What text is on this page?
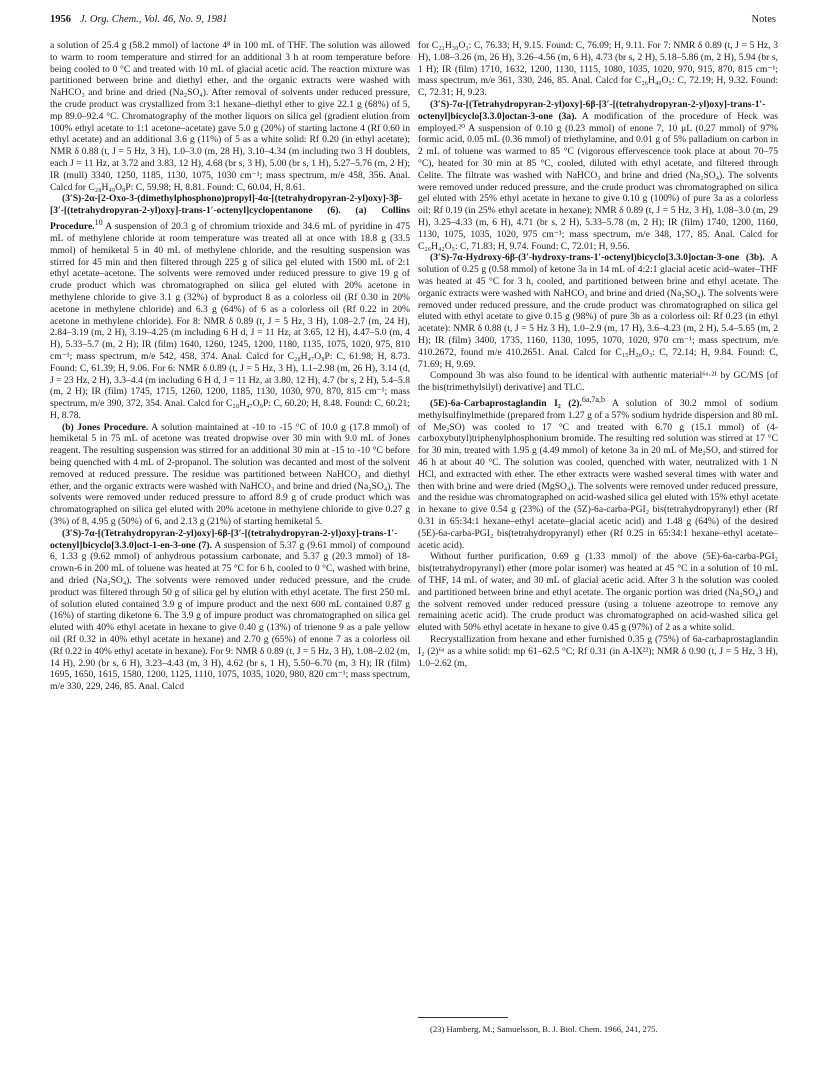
1956 J. Org. Chem., Vol. 46, No. 9, 1981	Notes

a solution of 25.4 g (58.2 mmol) of lactone 4⁸ in 100 mL of THF. The solution was allowed to warm to room temperature and stirred for an additional 3 h at room temperature before being cooled to 0 °C and treated with 10 mL of glacial acetic acid. The reaction mixture was partitioned between brine and diethyl ether, and the organic extracts were washed with NaHCO₃ and brine and dried (Na₂SO₄). After removal of solvents under reduced pressure, the crude product was crystallized from 3:1 hexane–diethyl ether to give 22.1 g (68%) of 5, mp 89.0–92.4 °C. Chromatography of the mother liquors on silica gel (gradient elution from 100% ethyl acetate to 1:1 acetone–acetate) gave 5.0 g (20%) of starting lactone 4 (Rf 0.60 in ethyl acetate) and an additional 3.6 g (11%) of 5 as a white solid: Rf 0.20 (in ethyl acetate); NMR δ 0.88 (t, J = 5 Hz, 3 H), 1.0–3.0 (m, 28 H), 3.10–4.34 (m including two 3 H doublets, each J = 11 Hz, at 3.72 and 3.83, 12 H), 4.68 (br s, 3 H), 5.00 (br s, 1 H), 5.27–5.76 (m, 2 H); IR (mull) 3340, 1250, 1185, 1130, 1075, 1030 cm⁻¹; mass spectrum, m/e 458, 356. Anal. Calcd for C₂₈H₄₉O₉P: C, 59.98; H, 8.81. Found: C, 60.04, H, 8.61.

(3′S)-2α-[2-Oxo-3-(dimethylphosphono)propyl]-4α-[(tetrahydropyran-2-yl)oxy]-3β-[3′-[(tetrahydropyran-2-yl)oxy]-trans-1′-octenyl]cyclopentanone (6). (a) Collins Procedure.$^{10}$ A suspension of 20.3 g of chromium trioxide and 34.6 mL of pyridine in 475 mL of methylene chloride at room temperature was treated all at once with 18.8 g (33.5 mmol) of hemiketal 5 in 40 mL of methylene chloride, and the resulting suspension was stirred for 45 min and then filtered through 225 g of silica gel eluted with 1500 mL of 2:1 ethyl acetate–acetone. The solvents were removed under reduced pressure to give 19 g of crude product which was chromatographed on silica gel eluted with 20% acetone in methylene chloride to give 3.1 g (32%) of byproduct 8 as a colorless oil (Rf 0.30 in 20% acetone in methylene chloride) and 6.3 g (64%) of 6 as a colorless oil (Rf 0.22 in 20% acetone in methylene chloride). For 8: NMR δ 0.89 (t, J = 5 Hz, 3 H), 1.08–2.7 (m, 24 H), 2.84–3.19 (m, 2 H), 3.19–4.25 (m including 6 H d, J = 11 Hz, at 3.65, 12 H), 4.47–5.0 (m, 4 H), 5.33–5.7 (m, 2 H); IR (film) 1640, 1260, 1245, 1200, 1180, 1135, 1075, 1020, 975, 810 cm⁻¹; mass spectrum, m/e 542, 458, 374. Anal. Calcd for C₂₈H₄₇O₈P: C, 61.98; H, 8.73. Found: C, 61.39; H, 9.06. For 6: NMR δ 0.89 (t, J = 5 Hz, 3 H), 1.1–2.98 (m, 26 H), 3.14 (d, J = 23 Hz, 2 H), 3.3–4.4 (m including 6 H d, J = 11 Hz, at 3.80, 12 H), 4.7 (br s, 2 H), 5.4–5.8 (m, 2 H); IR (film) 1745, 1715, 1260, 1200, 1185, 1130, 1030, 970, 870, 815 cm⁻¹; mass spectrum, m/e 390, 372, 354. Anal. Calcd for C₂₈H₄₇O₉P: C, 60.20; H, 8.48. Found: C, 60.21; H, 8.78.

(b) Jones Procedure. A solution maintained at -10 to -15 °C of 10.0 g (17.8 mmol) of hemiketal 5 in 75 mL of acetone was treated dropwise over 30 min with 9.0 mL of Jones reagent. The resulting suspension was stirred for an additional 30 min at -15 to -10 °C before being quenched with 4 mL of 2-propanol. The solution was decanted and most of the solvent removed at reduced pressure. The residue was partitioned between NaHCO₃ and diethyl ether, and the organic extracts were washed with NaHCO₃ and brine and dried (Na₂SO₄). The solvents were removed under reduced pressure to afford 8.9 g of crude product which was chromatographed on silica gel eluted with 20% acetone in methylene chloride to give 0.27 g (3%) of 8, 4.95 g (50%) of 6, and 2.13 g (21%) of starting hemiketal 5.

(3′S)-7α-[(Tetrahydropyran-2-yl)oxy]-6β-[3′-[(tetrahydropyran-2-yl)oxy]-trans-1′-octenyl]bicyclo[3.3.0]oct-1-en-3-one (7). A suspension of 5.37 g (9.61 mmol) of compound 6, 1.33 g (9.62 mmol) of anhydrous potassium carbonate, and 5.37 g (20.3 mmol) of 18-crown-6 in 200 mL of toluene was heated at 75 °C for 6 h, cooled to 0 °C, washed with brine, and dried (Na₂SO₄). The solvents were removed under reduced pressure, and the crude product was filtered through 50 g of silica gel by elution with ethyl acetate. The first 250 mL of solution eluted contained 3.9 g of impure product and the next 600 mL contained 0.87 g (16%) of starting diketone 6. The 3.9 g of impure product was chromatographed on silica gel eluted with 40% ethyl acetate in hexane to give 0.40 g (13%) of trienone 9 as a pale yellow oil (Rf 0.32 in 40% ethyl acetate in hexane) and 2.70 g (65%) of enone 7 as a colorless oil (Rf 0.22 in 40% ethyl acetate in hexane). For 9: NMR δ 0.89 (t, J = 5 Hz, 3 H), 1.08–2.02 (m, 14 H), 2.90 (br s, 6 H), 3.23–4.43 (m, 3 H), 4.62 (br s, 1 H), 5.50–6.70 (m, 3 H); IR (film) 1695, 1650, 1615, 1580, 1200, 1125, 1110, 1075, 1035, 1020, 980, 820 cm⁻¹; mass spectrum, m/e 330, 229, 246, 85. Anal. Calcd

for C₂₁H₃₀O₃: C, 76.33; H, 9.15. Found: C, 76.09; H, 9.11. For 7: NMR δ 0.89 (t, J = 5 Hz, 3 H), 1.08–3.26 (m, 26 H), 3.26–4.56 (m, 6 H), 4.73 (br s, 2 H), 5.18–5.86 (m, 2 H), 5.94 (br s, 1 H); IR (film) 1710, 1632, 1200, 1130, 1115, 1080, 1035, 1020, 970, 915, 870, 815 cm⁻¹; mass spectrum, m/e 361, 330, 246, 85. Anal. Calcd for C₂₆H₄₀O₅: C, 72.19; H, 9.32. Found: C, 72.31; H, 9.23.

(3′S)-7α-[(Tetrahydropyran-2-yl)oxy]-6β-[3′-[(tetrahydropyran-2-yl)oxy]-trans-1′-octenyl]bicyclo[3.3.0]octan-3-one (3a). A modification of the procedure of Heck was employed.²⁰ A suspension of 0.10 g (0.23 mmol) of enone 7, 10 μL (0.27 mmol) of 97% formic acid, 0.05 mL (0.36 mmol) of triethylamine, and 0.01 g of 5% palladium on carbon in 2 mL of toluene was warmed to 85 °C (vigorous effervescence took place at about 70–75 °C), heated for 30 min at 85 °C, cooled, diluted with ethyl acetate, and filtered through Celite. The filtrate was washed with NaHCO₃ and brine and dried (Na₂SO₄). The solvents were removed under reduced pressure, and the crude product was chromatographed on silica gel eluted with 25% ethyl acetate in hexane to give 0.10 g (100%) of pure 3a as a colorless oil: Rf 0.19 (in 25% ethyl acetate in hexane); NMR δ 0.89 (t, J = 5 Hz, 3 H), 1.08–3.0 (m, 29 H), 3.25–4.33 (m, 6 H), 4.71 (br s, 2 H), 5.33–5.78 (m, 2 H); IR (film) 1740, 1200, 1160, 1130, 1075, 1035, 1020, 975 cm⁻¹; mass spectrum, m/e 348, 177, 85. Anal. Calcd for C₂₆H₄₂O₅: C, 71.83; H, 9.74. Found: C, 72.01; H, 9.56.

(3′S)-7α-Hydroxy-6β-(3′-hydroxy-trans-1′-octenyl)bicyclo[3.3.0]octan-3-one (3b). A solution of 0.25 g (0.58 mmol) of ketone 3a in 14 mL of 4:2:1 glacial acetic acid–water–THF was heated at 45 °C for 3 h, cooled, and partitioned between brine and ethyl acetate. The organic extracts were washed with NaHCO₃ and brine and dried (Na₂SO₄). The solvents were removed under reduced pressure, and the crude product was chromatographed on silica gel eluted with ethyl acetate to give 0.15 g (98%) of pure 3b as a colorless oil: Rf 0.23 (in ethyl acetate): NMR δ 0.88 (t, J = 5 Hz 3 H), 1.0–2.9 (m, 17 H), 3.6–4.23 (m, 2 H), 5.4–5.65 (m, 2 H); IR (film) 3400, 1735, 1160, 1130, 1095, 1070, 1020, 970 cm⁻¹; mass spectrum, m/e 410.2672, found m/e 410.2651. Anal. Calcd for C₁₅H₂₆O₃: C, 72.14; H, 9.84. Found: C, 71.69; H, 9.69.

Compound 3b was also found to be identical with authentic material⁶ᵃ·²¹ by GC/MS [of the bis(trimethylsilyl) derivative] and TLC.

(5E)-6a-Carbaprostaglandin I₂ (2).$^{6a,7a,b}$ A solution of 30.2 mmol of sodium methylsulfinylmethide (prepared from 1.27 g of a 57% sodium hydride dispersion and 80 mL of Me₂SO) was cooled to 17 °C and treated with 6.70 g (15.1 mmol) of (4-carboxybutyl)triphenylphosphonium bromide. The resulting red solution was stirred at 17 °C for 30 min, treated with 1.95 g (4.49 mmol) of ketone 3a in 20 mL of Me₂SO, and stirred for 46 h at about 40 °C. The solution was cooled, quenched with water, neutralized with 1 N HCl, and extracted with ether. The ether extracts were washed several times with water and then with brine and were dried (MgSO₄). The solvents were removed under reduced pressure, and the residue was chromatographed on acid-washed silica gel eluted with 15% ethyl acetate in hexane to give 0.54 g (23%) of the (5Z)-6a-carba-PGI₂ bis(tetrahydropyranyl) ether (Rf 0.31 in 65:34:1 hexane–ethyl acetate–glacial acetic acid) and 1.48 g (64%) of the desired (5E)-6a-carba-PGI₂ bis(tetrahydropyranyl) ether (Rf 0.25 in 65:34:1 hexane–ethyl acetate–acetic acid).

Without further purification, 0.69 g (1.33 mmol) of the above (5E)-6a-carba-PGI₂ bis(tetrahydropyranyl) ether (more polar isomer) was heated at 45 °C in a solution of 10 mL of THF, 14 mL of water, and 30 mL of glacial acetic acid. After 3 h the solution was cooled and partitioned between brine and ethyl acetate. The organic portion was dried (Na₂SO₄) and the solvent removed under reduced pressure (using a toluene azeotrope to remove any remaining acetic acid). The crude product was chromatographed on acid-washed silica gel eluted with 50% ethyl acetate in hexane to give 0.45 g (97%) of 2 as a white solid.

Recrystallization from hexane and ether furnished 0.35 g (75%) of 6a-carbaprostaglandin I₂ (2)⁶ᵃ as a white solid: mp 61–62.5 °C; Rf 0.31 (in A-IX²²); NMR δ 0.90 (t, J = 5 Hz, 3 H), 1.0–2.62 (m,

(23) Hamberg, M.; Samuelsson, B. J. Biol. Chem. 1966, 241, 275.
